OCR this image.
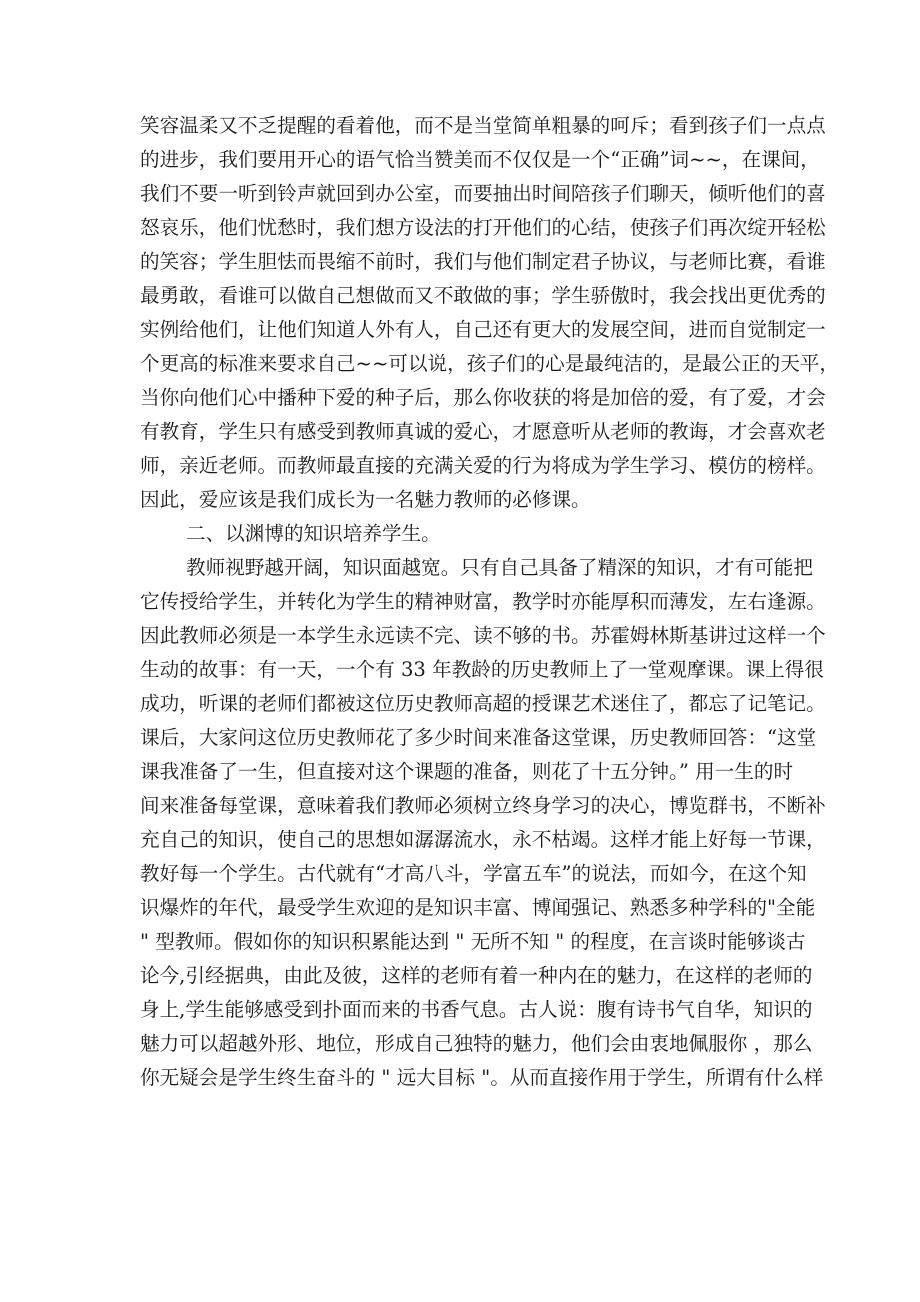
笑容温柔又不乏提醒的看着他，而不是当堂简单粗暴的呵斥；看到孩子们一点点
的进步，我们要用开心的语气恰当赞美而不仅仅是一个“正确”词~~，在课间，
我们不要一听到铃声就回到办公室，而要抽出时间陪孩子们聊天，倾听他们的喜
怒哀乐，他们忧愁时，我们想方设法的打开他们的心结，使孩子们再次绽开轻松
的笑容；学生胆怯而畏缩不前时，我们与他们制定君子协议，与老师比赛，看谁
最勇敢，看谁可以做自己想做而又不敢做的事；学生骄傲时，我会找出更优秀的
实例给他们，让他们知道人外有人，自己还有更大的发展空间，进而自觉制定一
个更高的标准来要求自己~~可以说，孩子们的心是最纯洁的，是最公正的天平，
当你向他们心中播种下爱的种子后，那么你收获的将是加倍的爱，有了爱，才会
有教育，学生只有感受到教师真诚的爱心，才愿意听从老师的教诲，才会喜欢老
师，亲近老师。而教师最直接的充满关爱的行为将成为学生学习、模仿的榜样。
因此，爱应该是我们成长为一名魅力教师的必修课。
二、以渊博的知识培养学生。
教师视野越开阔，知识面越宽。只有自己具备了精深的知识，才有可能把
它传授给学生，并转化为学生的精神财富，教学时亦能厚积而薄发，左右逢源。
因此教师必须是一本学生永远读不完、读不够的书。苏霍姆林斯基讲过这样一个
生动的故事：有一天，一个有 33 年教龄的历史教师上了一堂观摩课。课上得很
成功，听课的老师们都被这位历史教师高超的授课艺术迷住了，都忘了记笔记。
课后，大家问这位历史教师花了多少时间来准备这堂课，历史教师回答：“这堂
课我准备了一生，但直接对这个课题的准备，则花了十五分钟。” 用一生的时
间来准备每堂课，意味着我们教师必须树立终身学习的决心，博览群书，不断补
充自己的知识，使自己的思想如潺潺流水，永不枯竭。这样才能上好每一节课，
教好每一个学生。古代就有“才高八斗，学富五车”的说法，而如今，在这个知
识爆炸的年代，最受学生欢迎的是知识丰富、博闻强记、熟悉多种学科的"全能
" 型教师。假如你的知识积累能达到 " 无所不知 " 的程度，在言谈时能够谈古
论今,引经据典，由此及彼，这样的老师有着一种内在的魅力，在这样的老师的
身上,学生能够感受到扑面而来的书香气息。古人说：腹有诗书气自华，知识的
魅力可以超越外形、地位，形成自己独特的魅力，他们会由衷地佩服你 ，那么
你无疑会是学生终生奋斗的 " 远大目标 "。从而直接作用于学生，所谓有什么样
